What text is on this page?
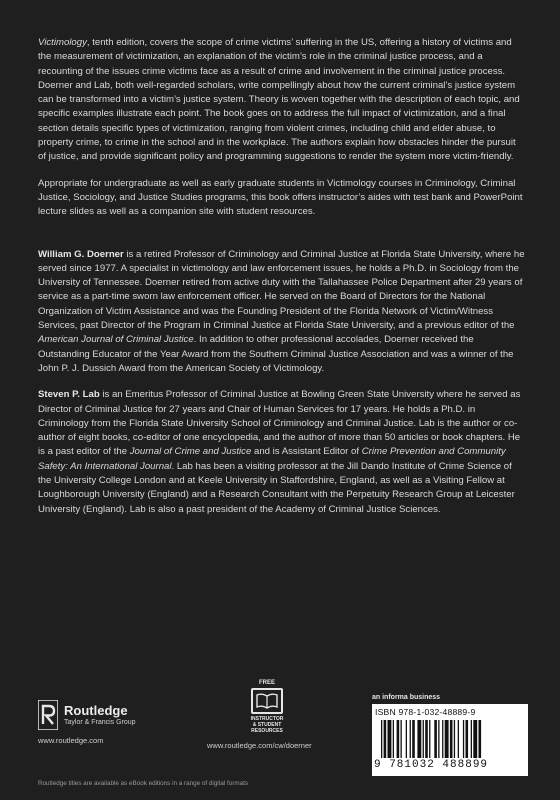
Victimology, tenth edition, covers the scope of crime victims’ suffering in the US, offering a history of victims and the measurement of victimization, an explanation of the victim’s role in the criminal justice process, and a recounting of the issues crime victims face as a result of crime and involvement in the criminal justice process. Doerner and Lab, both well-regarded scholars, write compellingly about how the current criminal’s justice system can be transformed into a victim’s justice system. Theory is woven together with the description of each topic, and specific examples illustrate each point. The book goes on to address the full impact of victimization, and a final section details specific types of victimization, ranging from violent crimes, including child and elder abuse, to property crime, to crime in the school and in the workplace. The authors explain how obstacles hinder the pursuit of justice, and provide significant policy and programming suggestions to render the system more victim-friendly.

Appropriate for undergraduate as well as early graduate students in Victimology courses in Criminology, Criminal Justice, Sociology, and Justice Studies programs, this book offers instructor’s aides with test bank and PowerPoint lecture slides as well as a companion site with student resources.

William G. Doerner is a retired Professor of Criminology and Criminal Justice at Florida State University, where he served since 1977. A specialist in victimology and law enforcement issues, he holds a Ph.D. in Sociology from the University of Tennessee. Doerner retired from active duty with the Tallahassee Police Department after 29 years of service as a part-time sworn law enforcement officer. He served on the Board of Directors for the National Organization of Victim Assistance and was the Founding President of the Florida Network of Victim/Witness Services, past Director of the Program in Criminal Justice at Florida State University, and a previous editor of the American Journal of Criminal Justice. In addition to other professional accolades, Doerner received the Outstanding Educator of the Year Award from the Southern Criminal Justice Association and was a winner of the John P. J. Dussich Award from the American Society of Victimology.

Steven P. Lab is an Emeritus Professor of Criminal Justice at Bowling Green State University where he served as Director of Criminal Justice for 27 years and Chair of Human Services for 17 years. He holds a Ph.D. in Criminology from the Florida State University School of Criminology and Criminal Justice. Lab is the author or co-author of eight books, co-editor of one encyclopedia, and the author of more than 50 articles or book chapters. He is a past editor of the Journal of Crime and Justice and is Assistant Editor of Crime Prevention and Community Safety: An International Journal. Lab has been a visiting professor at the Jill Dando Institute of Crime Science of the University College London and at Keele University in Staffordshire, England, as well as a Visiting Fellow at Loughborough University (England) and a Research Consultant with the Perpetuity Research Group at Leicester University (England). Lab is also a past president of the Academy of Criminal Justice Sciences.

Routledge
Taylor & Francis Group
www.routledge.com
FREE
INSTRUCTOR
& STUDENT
RESOURCES
www.routledge.com/cw/doerner
an informa business
ISBN 978-1-032-48889-9
9 781032 488899
Routledge titles are available as eBook editions in a range of digital formats
